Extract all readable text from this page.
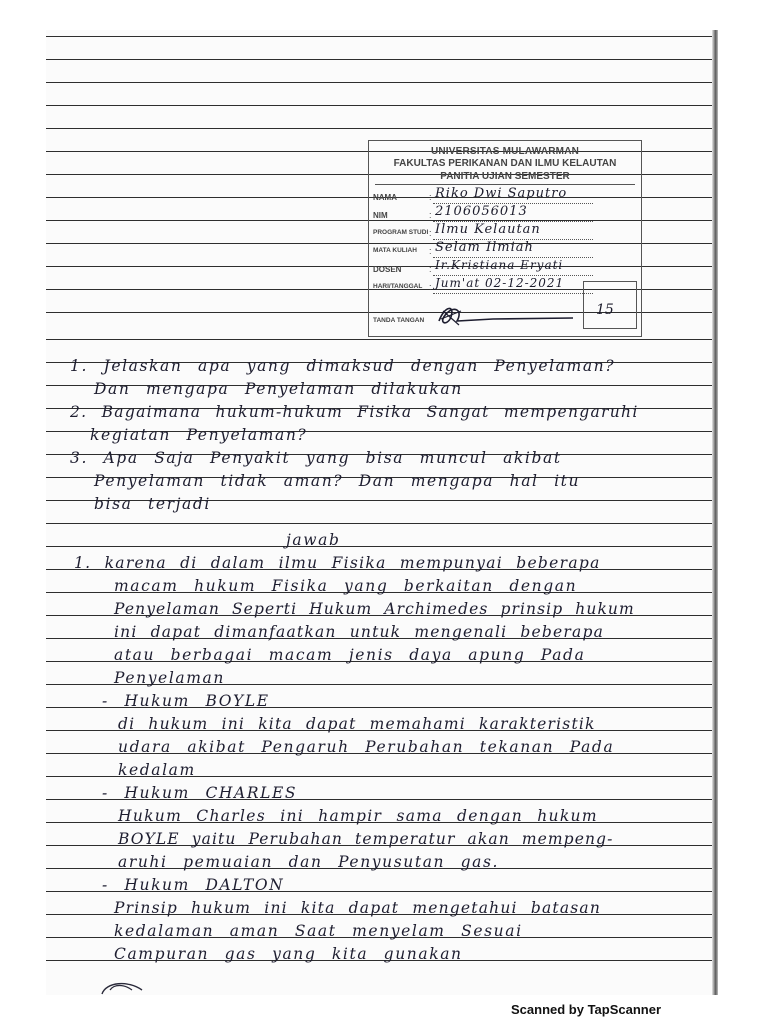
UNIVERSITAS MULAWARMAN
FAKULTAS PERIKANAN DAN ILMU KELAUTAN
PANITIA UJIAN SEMESTER
NAMA	: Riko Dwi Saputro
NIM	: 2106056013
PROGRAM STUDI : Ilmu Kelautan
MATA KULIAH : Selam Ilmiah
DOSEN	: Ir.Kristiana Eryati
HARI/TANGGAL : Jum'at 02-12-2021
TANDA TANGAN
15
1. Jelaskan apa yang dimaksud dengan Penyelaman?
Dan mengapa Penyelaman dilakukan
2. Bagaimana hukum-hukum Fisika Sangat mempengaruhi
kegiatan Penyelaman?
3. Apa Saja Penyakit yang bisa muncul akibat
Penyelaman tidak aman? Dan mengapa hal itu
bisa terjadi
jawab
1. karena di dalam ilmu Fisika mempunyai beberapa
macam hukum Fisika yang berkaitan dengan
Penyelaman Seperti Hukum Archimedes prinsip hukum
ini dapat dimanfaatkan untuk mengenali beberapa
atau berbagai macam jenis daya apung Pada
Penyelaman
- Hukum BOYLE
di hukum ini kita dapat memahami karakteristik
udara akibat Pengaruh Perubahan tekanan Pada
kedalam
- Hukum CHARLES
Hukum Charles ini hampir sama dengan hukum
BOYLE yaitu Perubahan temperatur akan mempeng-
aruhi pemuaian dan Penyusutan gas.
- Hukum DALTON
Prinsip hukum ini kita dapat mengetahui batasan
kedalaman aman Saat menyelam Sesuai
Campuran gas yang kita gunakan
Scanned by TapScanner
